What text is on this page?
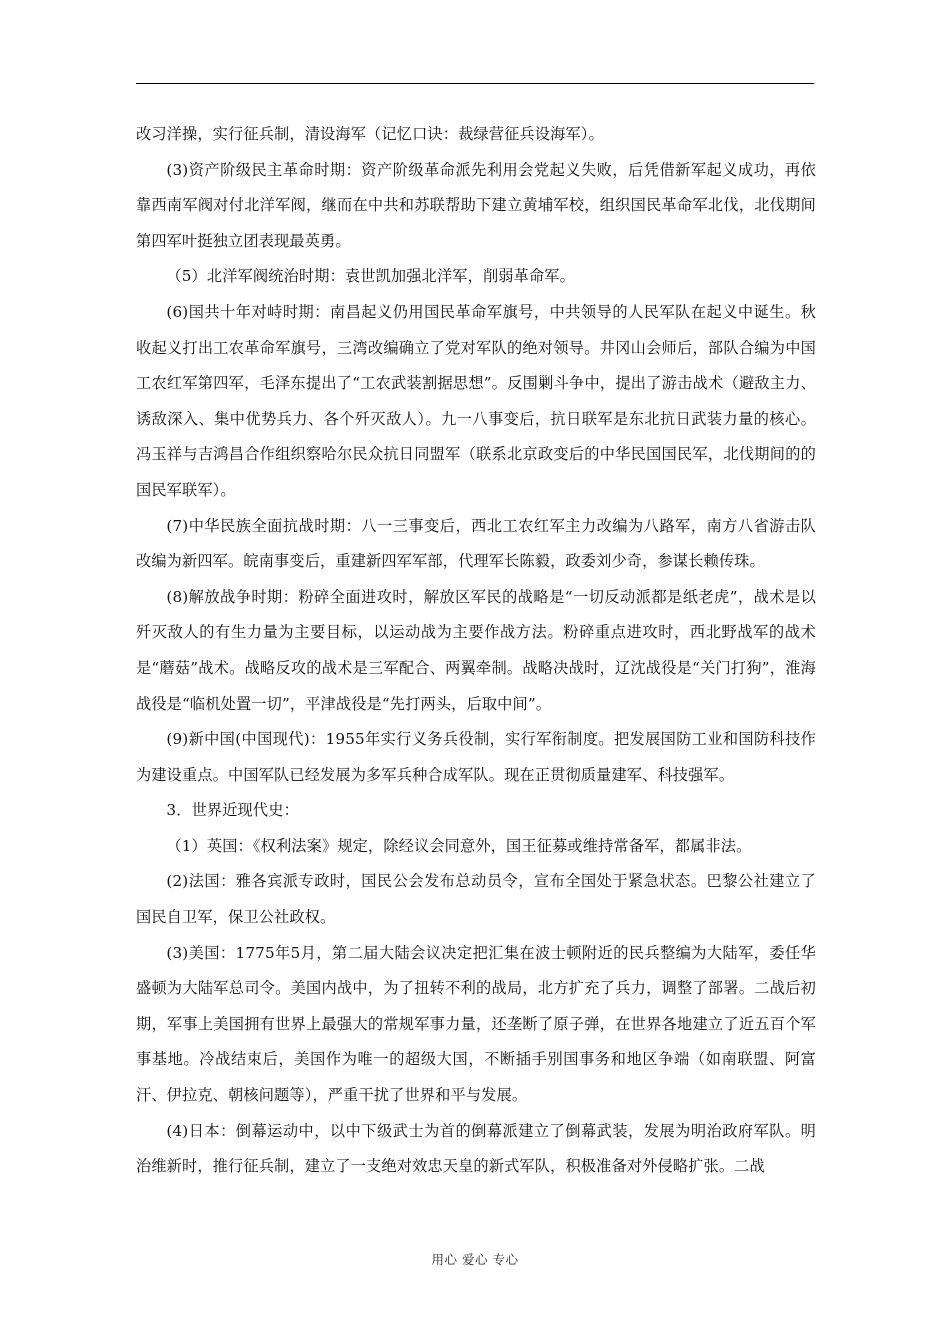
改习洋操，实行征兵制，清设海军（记忆口诀：裁绿营征兵设海军）。

(3)资产阶级民主革命时期：资产阶级革命派先利用会党起义失败，后凭借新军起义成功，再依靠西南军阀对付北洋军阀，继而在中共和苏联帮助下建立黄埔军校，组织国民革命军北伐，北伐期间第四军叶挺独立团表现最英勇。

（5）北洋军阀统治时期：袁世凯加强北洋军，削弱革命军。

(6)国共十年对峙时期：南昌起义仍用国民革命军旗号，中共领导的人民军队在起义中诞生。秋收起义打出工农革命军旗号，三湾改编确立了党对军队的绝对领导。井冈山会师后，部队合编为中国工农红军第四军，毛泽东提出了“工农武装割据思想”。反围剿斗争中，提出了游击战术（避敌主力、诱敌深入、集中优势兵力、各个歼灭敌人）。九一八事变后，抗日联军是东北抗日武装力量的核心。冯玉祥与吉鸿昌合作组织察哈尔民众抗日同盟军（联系北京政变后的中华民国国民军，北伐期间的的国民军联军）。

(7)中华民族全面抗战时期：八一三事变后，西北工农红军主力改编为八路军，南方八省游击队改编为新四军。皖南事变后，重建新四军军部，代理军长陈毅，政委刘少奇，参谋长赖传珠。

(8)解放战争时期：粉碎全面进攻时，解放区军民的战略是“一切反动派都是纸老虎”，战术是以歼灭敌人的有生力量为主要目标，以运动战为主要作战方法。粉碎重点进攻时，西北野战军的战术是“蘑菇”战术。战略反攻的战术是三军配合、两翼牵制。战略决战时，辽沈战役是“关门打狗”，淮海战役是“临机处置一切”，平津战役是“先打两头，后取中间”。

(9)新中国(中国现代)：1955年实行义务兵役制，实行军衔制度。把发展国防工业和国防科技作为建设重点。中国军队已经发展为多军兵种合成军队。现在正贯彻质量建军、科技强军。

3．世界近现代史：

（1）英国：《权利法案》规定，除经议会同意外，国王征募或维持常备军，都属非法。

(2)法国：雅各宾派专政时，国民公会发布总动员令，宣布全国处于紧急状态。巴黎公社建立了国民自卫军，保卫公社政权。

(3)美国：1775年5月，第二届大陆会议决定把汇集在波士顿附近的民兵整编为大陆军，委任华盛顿为大陆军总司令。美国内战中，为了扭转不利的战局，北方扩充了兵力，调整了部署。二战后初期，军事上美国拥有世界上最强大的常规军事力量，还垄断了原子弹，在世界各地建立了近五百个军事基地。冷战结束后，美国作为唯一的超级大国，不断插手别国事务和地区争端（如南联盟、阿富汗、伊拉克、朝核问题等），严重干扰了世界和平与发展。

(4)日本：倒幕运动中，以中下级武士为首的倒幕派建立了倒幕武装，发展为明治政府军队。明治维新时，推行征兵制，建立了一支绝对效忠天皇的新式军队，积极准备对外侵略扩张。二战

用心 爱心 专心
